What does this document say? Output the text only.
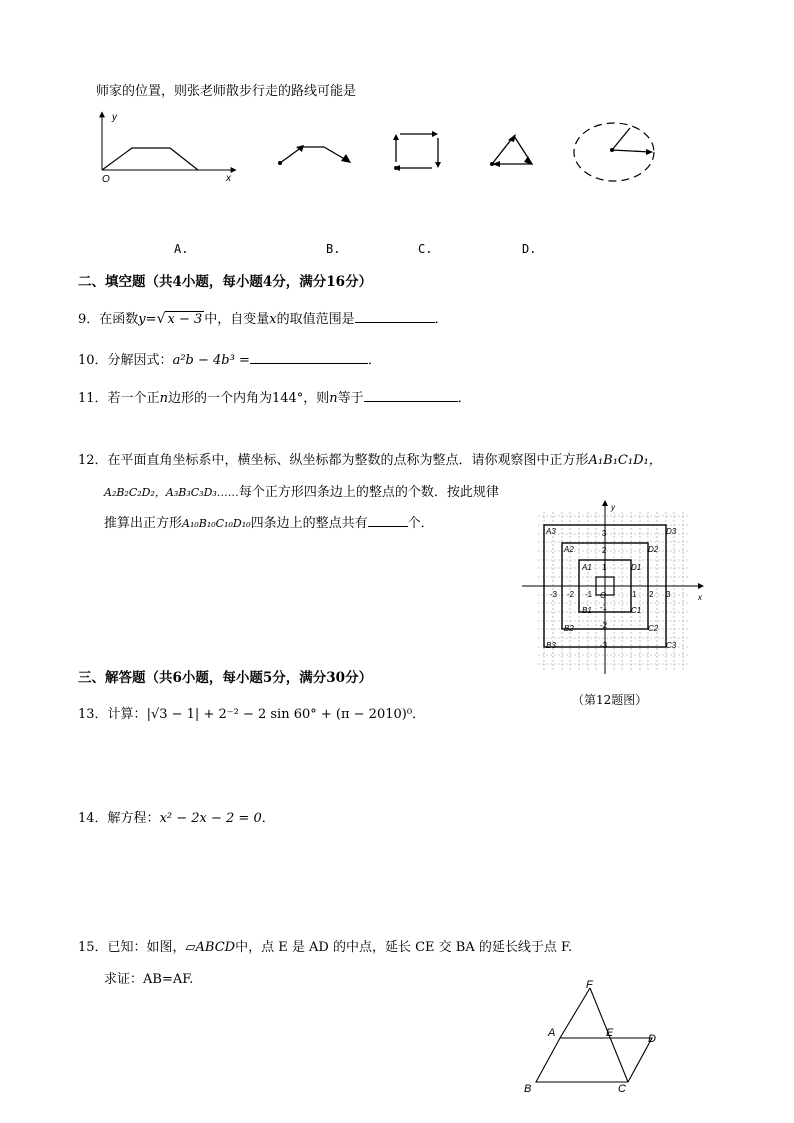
师家的位置，则张老师散步行走的路线可能是
y
x
O
A.	B.	C.	D.
二、填空题（共4小题，每小题4分，满分16分）
9．在函数y=√ x − 3 中，自变量x的取值范围是	．
10．分解因式：a²b − 4b³ =	．
11．若一个正n边形的一个内角为144°，则n等于	．
12．在平面直角坐标系中，横坐标、纵坐标都为整数的点称为整点．请你观察图中正方形A₁B₁C₁D₁，
A₂B₂C₂D₂，A₃B₃C₃D₃……每个正方形四条边上的整点的个数．按此规律
推算出正方形A₁₀B₁₀C₁₀D₁₀四条边上的整点共有	个．
-3 -2 -1	1 2 3
3
2
1
-1
-2
-3
O	x
y
A1
B1	C1
D1
A2
B2	C2
D2
A3
B3	C3
D3
（第12题图）
三、解答题（共6小题，每小题5分，满分30分）
13．计算：|√3 − 1| + 2⁻² − 2 sin 60° + (π − 2010)⁰．
14．解方程：x² − 2x − 2 = 0．
15．已知：如图，▱ABCD中，点 E 是 AD 的中点，延长 CE 交 BA 的延长线于点 F.
求证：AB=AF.	F
A	E	D
B	C
